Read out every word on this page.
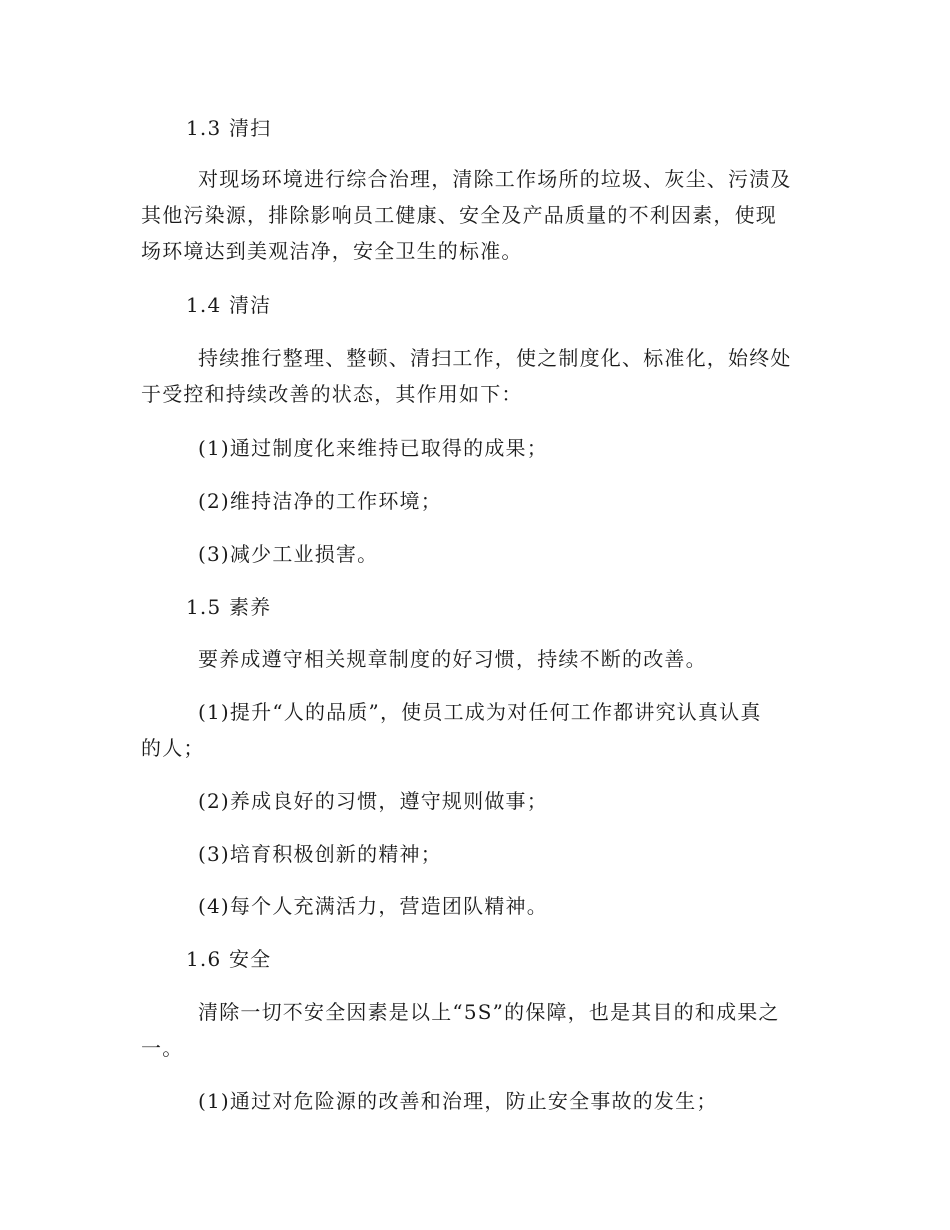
1.3 清扫
对现场环境进行综合治理，清除工作场所的垃圾、灰尘、污渍及
其他污染源，排除影响员工健康、安全及产品质量的不利因素，使现
场环境达到美观洁净，安全卫生的标准。
1.4 清洁
持续推行整理、整顿、清扫工作，使之制度化、标准化，始终处
于受控和持续改善的状态，其作用如下：
(1)通过制度化来维持已取得的成果；
(2)维持洁净的工作环境；
(3)减少工业损害。
1.5 素养
要养成遵守相关规章制度的好习惯，持续不断的改善。
(1)提升“人的品质”，使员工成为对任何工作都讲究认真认真
的人；
(2)养成良好的习惯，遵守规则做事；
(3)培育积极创新的精神；
(4)每个人充满活力，营造团队精神。
1.6 安全
清除一切不安全因素是以上“5S”的保障，也是其目的和成果之
一。
(1)通过对危险源的改善和治理，防止安全事故的发生；
